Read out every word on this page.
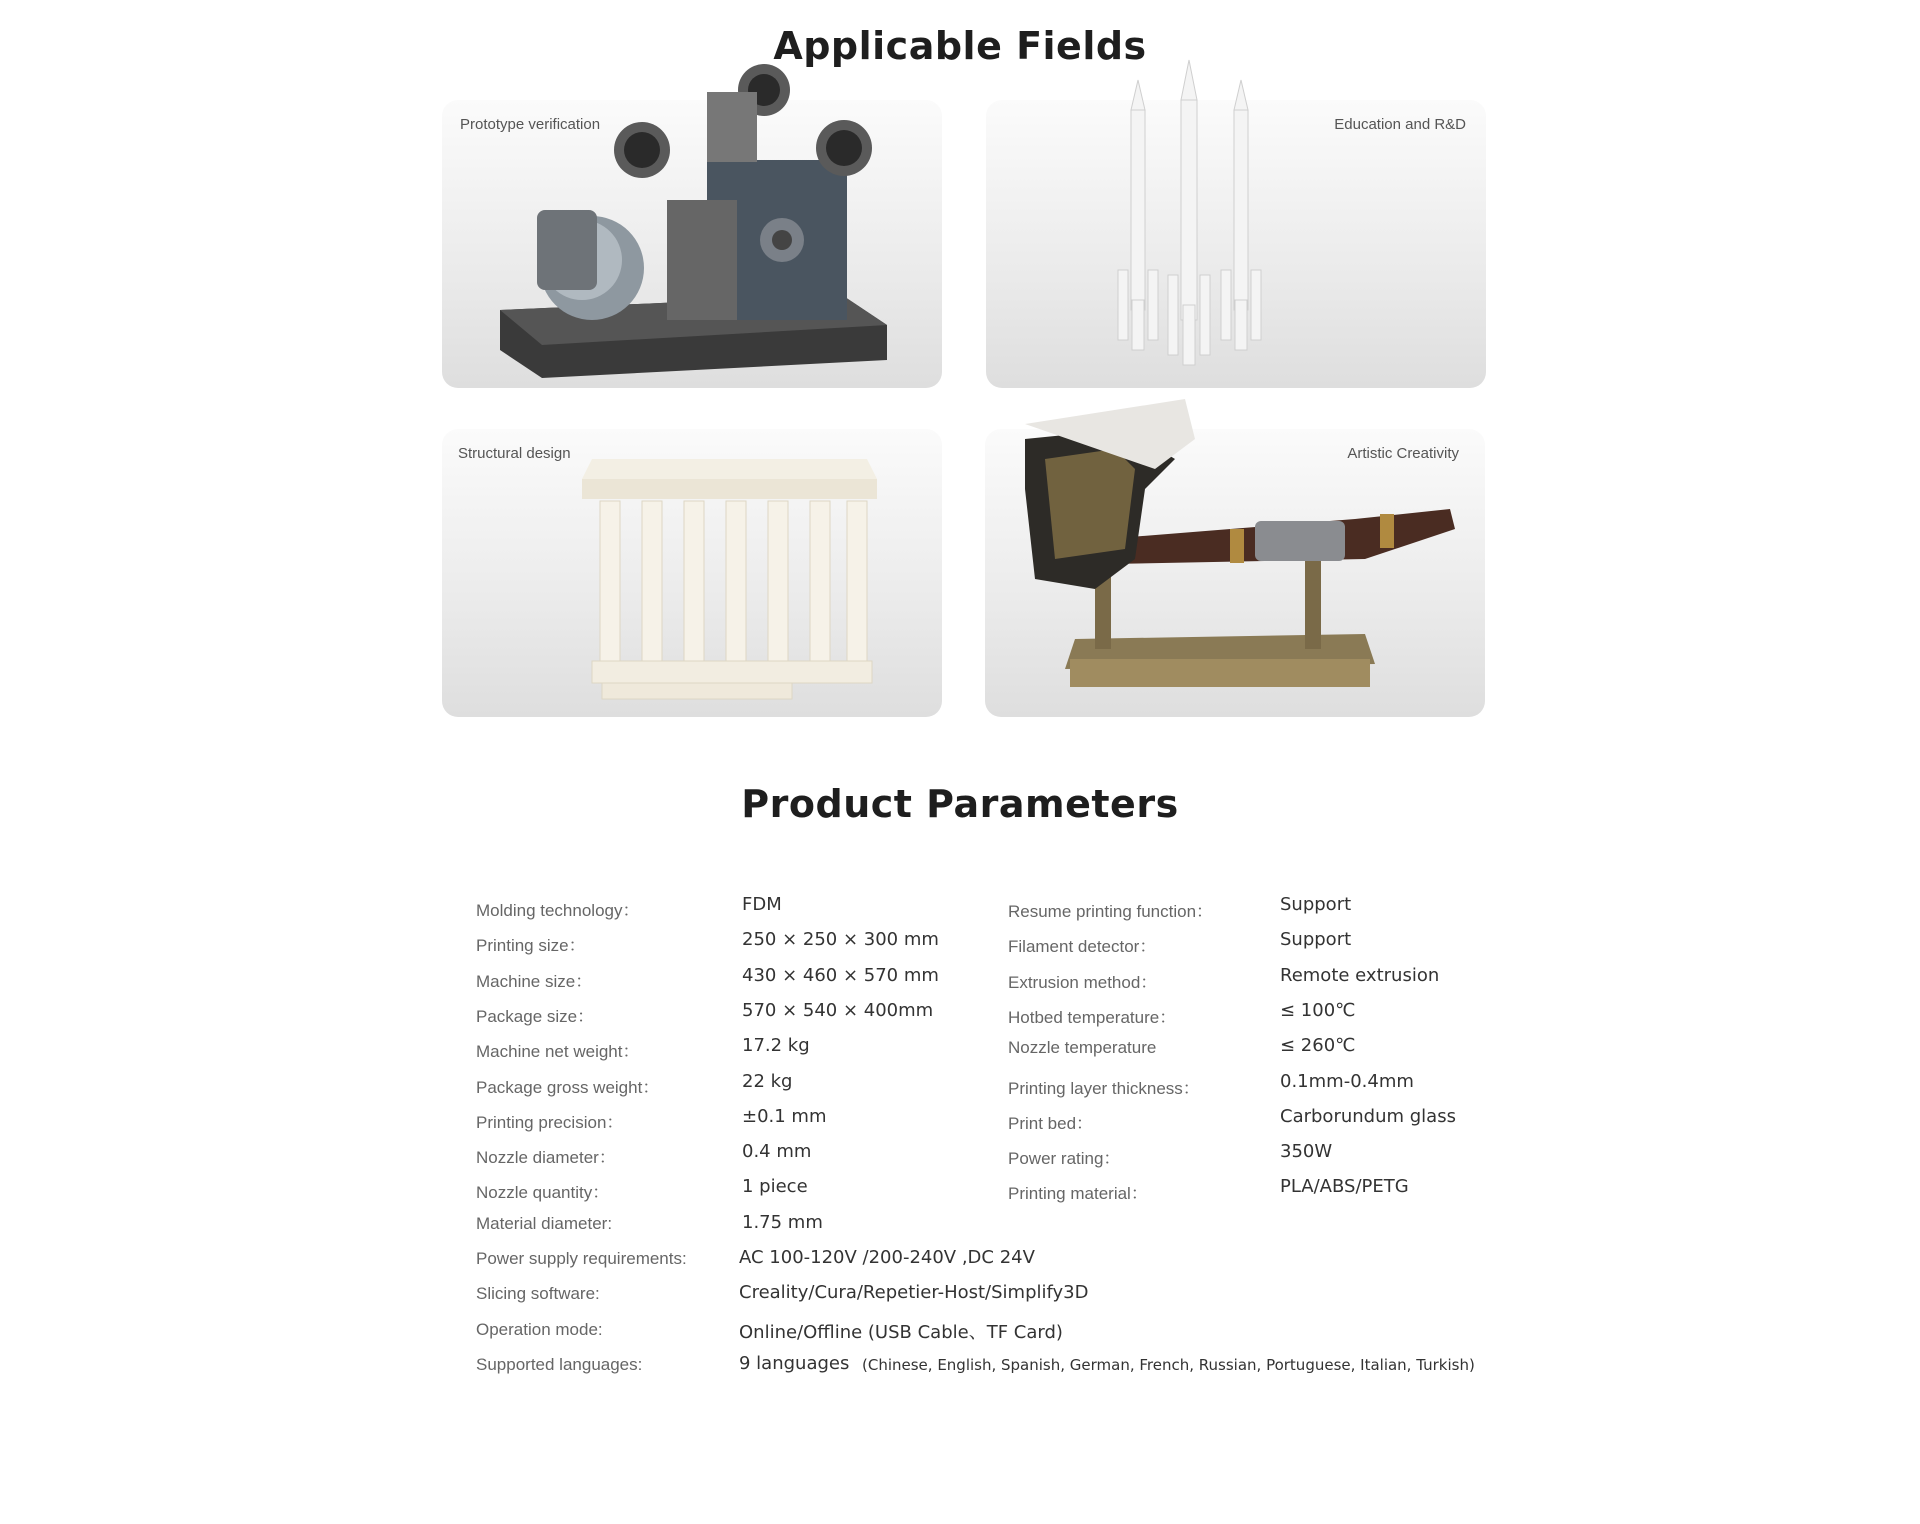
Applicable Fields
Prototype verification	Education and R&D
Structural design	Artistic Creativity
Product Parameters
Molding technology：	FDM
Printing size：	250 × 250 × 300 mm
Machine size：	430 × 460 × 570 mm
Package size：	570 × 540 × 400mm
Machine net weight：	17.2 kg
Package gross weight：	22 kg
Printing precision：	±0.1 mm
Nozzle diameter：	0.4 mm
Nozzle quantity：	1 piece
Material diameter:	1.75 mm
Resume printing function：	Support
Filament detector：	Support
Extrusion method：	Remote extrusion
Hotbed temperature：	≤ 100℃
Nozzle temperature	≤ 260℃
Printing layer thickness：	0.1mm-0.4mm
Print bed：	Carborundum glass
Power rating：	350W
Printing material：	PLA/ABS/PETG
Power supply requirements:	AC 100-120V /200-240V ,DC 24V
Slicing software:	Creality/Cura/Repetier-Host/Simplify3D
Operation mode:	Online/Offline (USB Cable、TF Card)
Supported languages:	9 languages (Chinese, English, Spanish, German, French, Russian, Portuguese, Italian, Turkish)
